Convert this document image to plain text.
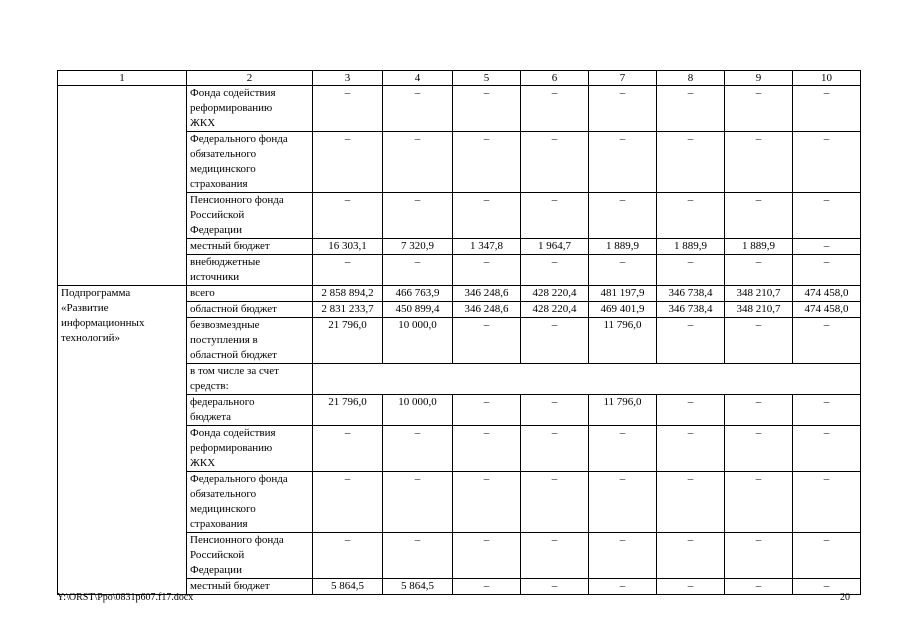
1	2	3	4	5	6	7	8	9	10

	Фонда содействия
реформированию
ЖКХ	–	–	–	–	–	–	–	–

	Федерального фонда
обязательного
медицинского
страхования	–	–	–	–	–	–	–	–

	Пенсионного фонда
Российской
Федерации	–	–	–	–	–	–	–	–

	местный бюджет	16 303,1	7 320,9	1 347,8	1 964,7	1 889,9	1 889,9	1 889,9	–

	внебюджетные
источники	–	–	–	–	–	–	–	–

Подпрограмма
«Развитие
информационных
технологий»	всего	2 858 894,2	466 763,9	346 248,6	428 220,4	481 197,9	346 738,4	348 210,7	474 458,0

	областной бюджет	2 831 233,7	450 899,4	346 248,6	428 220,4	469 401,9	346 738,4	348 210,7	474 458,0

	безвозмездные
поступления в
областной бюджет	21 796,0	10 000,0	–	–	11 796,0	–	–	–

	в том числе за счет
средств:								

	федерального
бюджета	21 796,0	10 000,0	–	–	11 796,0	–	–	–

	Фонда содействия
реформированию
ЖКХ	–	–	–	–	–	–	–	–

	Федерального фонда
обязательного
медицинского
страхования	–	–	–	–	–	–	–	–

	Пенсионного фонда
Российской
Федерации	–	–	–	–	–	–	–	–

	местный бюджет	5 864,5	5 864,5	–	–	–	–	–	–
Y:\ORST\Ppo\0831p607.f17.docx	20
